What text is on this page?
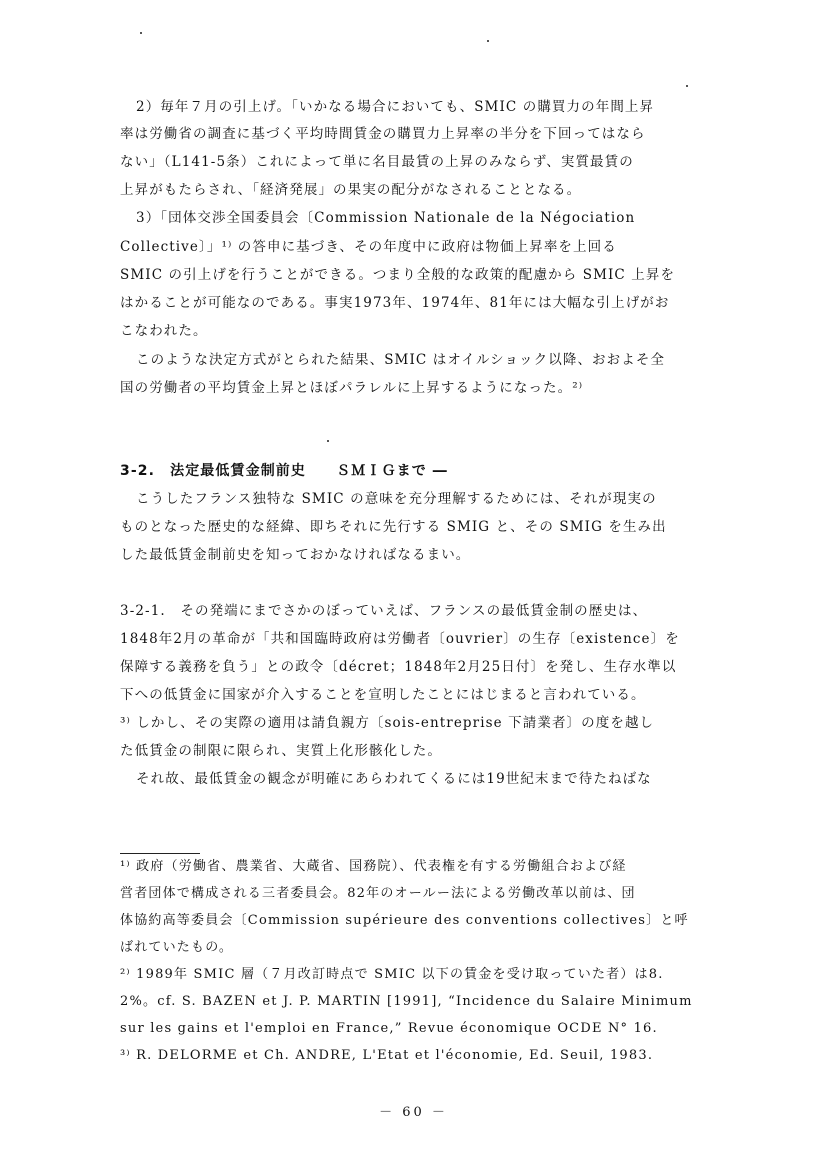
2）毎年７月の引上げ。「いかなる場合においても、SMIC の購買力の年間上昇
率は労働省の調査に基づく平均時間賃金の購買力上昇率の半分を下回ってはなら
ない」（L141-5条）これによって単に名目最賃の上昇のみならず、実質最賃の
上昇がもたらされ、「経済発展」の果実の配分がなされることとなる。
3）「団体交渉全国委員会〔Commission Nationale de la Négociation
Collective〕」¹⁾ の答申に基づき、その年度中に政府は物価上昇率を上回る
SMIC の引上げを行うことができる。つまり全般的な政策的配慮から SMIC 上昇を
はかることが可能なのである。事実1973年、1974年、81年には大幅な引上げがお
こなわれた。
このような決定方式がとられた結果、SMIC はオイルショック以降、おおよそ全
国の労働者の平均賃金上昇とほぼパラレルに上昇するようになった。²⁾
3-2.　法定最低賃金制前史　　ＳＭＩＧまで ―
こうしたフランス独特な SMIC の意味を充分理解するためには、それが現実の
ものとなった歴史的な経緯、即ちそれに先行する SMIG と、その SMIG を生み出
した最低賃金制前史を知っておかなければなるまい。
3-2-1.　その発端にまでさかのぼっていえば、フランスの最低賃金制の歴史は、
1848年2月の革命が「共和国臨時政府は労働者〔ouvrier〕の生存〔existence〕を
保障する義務を負う」との政令〔décret；1848年2月25日付〕を発し、生存水準以
下への低賃金に国家が介入することを宣明したことにはじまると言われている。
³⁾ しかし、その実際の適用は請負親方〔sois-entreprise 下請業者〕の度を越し
た低賃金の制限に限られ、実質上化形骸化した。
それ故、最低賃金の観念が明確にあらわれてくるには19世紀末まで待たねばな
¹⁾ 政府（労働省、農業省、大蔵省、国務院）、代表権を有する労働組合および経
営者団体で構成される三者委員会。82年のオールー法による労働改革以前は、団
体協約高等委員会〔Commission supérieure des conventions collectives〕と呼
ばれていたもの。
²⁾ 1989年 SMIC 層（７月改訂時点で SMIC 以下の賃金を受け取っていた者）は8.
2%。cf. S. BAZEN et J. P. MARTIN [1991], “Incidence du Salaire Minimum
sur les gains et l'emploi en France,” Revue économique OCDE N° 16.
³⁾ R. DELORME et Ch. ANDRE, L'Etat et l'économie, Ed. Seuil, 1983.
－ 60 －
